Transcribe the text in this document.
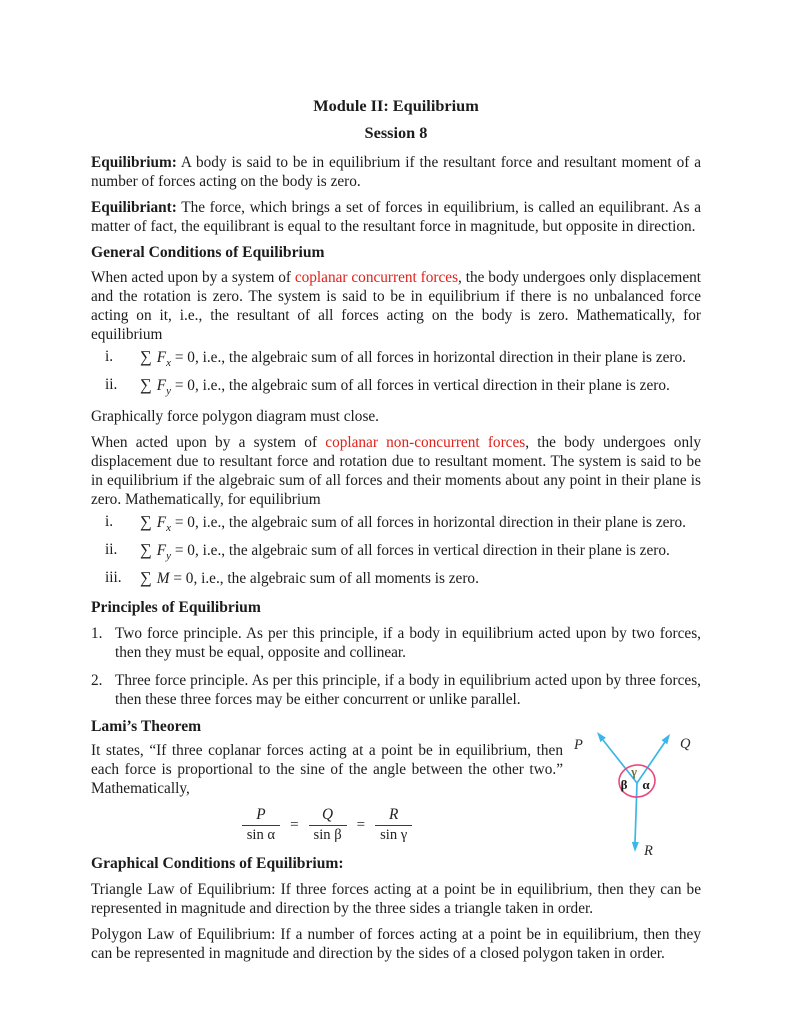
Module II: Equilibrium
Session 8

Equilibrium: A body is said to be in equilibrium if the resultant force and resultant moment of a number of forces acting on the body is zero.

Equilibriant: The force, which brings a set of forces in equilibrium, is called an equilibrant. As a matter of fact, the equilibrant is equal to the resultant force in magnitude, but opposite in direction.

General Conditions of Equilibrium

When acted upon by a system of coplanar concurrent forces, the body undergoes only displacement and the rotation is zero. The system is said to be in equilibrium if there is no unbalanced force acting on it, i.e., the resultant of all forces acting on the body is zero. Mathematically, for equilibrium

i. ∑ $F_x = 0$, i.e., the algebraic sum of all forces in horizontal direction in their plane is zero.
ii. ∑ $F_y = 0$, i.e., the algebraic sum of all forces in vertical direction in their plane is zero.

Graphically force polygon diagram must close.

When acted upon by a system of coplanar non-concurrent forces, the body undergoes only displacement due to resultant force and rotation due to resultant moment. The system is said to be in equilibrium if the algebraic sum of all forces and their moments about any point in their plane is zero. Mathematically, for equilibrium

i. ∑ $F_x = 0$, i.e., the algebraic sum of all forces in horizontal direction in their plane is zero.
ii. ∑ $F_y = 0$, i.e., the algebraic sum of all forces in vertical direction in their plane is zero.
iii. ∑ M = 0, i.e., the algebraic sum of all moments is zero.
Principles of Equilibrium
1. Two force principle. As per this principle, if a body in equilibrium acted upon by two forces, then they must be equal, opposite and collinear.
2. Three force principle. As per this principle, if a body in equilibrium acted upon by three forces, then these three forces may be either concurrent or unlike parallel.
Lami’s Theorem

It states, “If three coplanar forces acting at a point be in equilibrium, then each force is proportional to the sine of the angle between the other two.” Mathematically,

$\frac{P}{\text{sin α}} = \frac{Q}{\text{sin β}} = \frac{R}{\text{sin γ}}$
P	Q
R
γ
β α
Graphical Conditions of Equilibrium:

Triangle Law of Equilibrium: If three forces acting at a point be in equilibrium, then they can be represented in magnitude and direction by the three sides a triangle taken in order.

Polygon Law of Equilibrium: If a number of forces acting at a point be in equilibrium, then they can be represented in magnitude and direction by the sides of a closed polygon taken in order.
